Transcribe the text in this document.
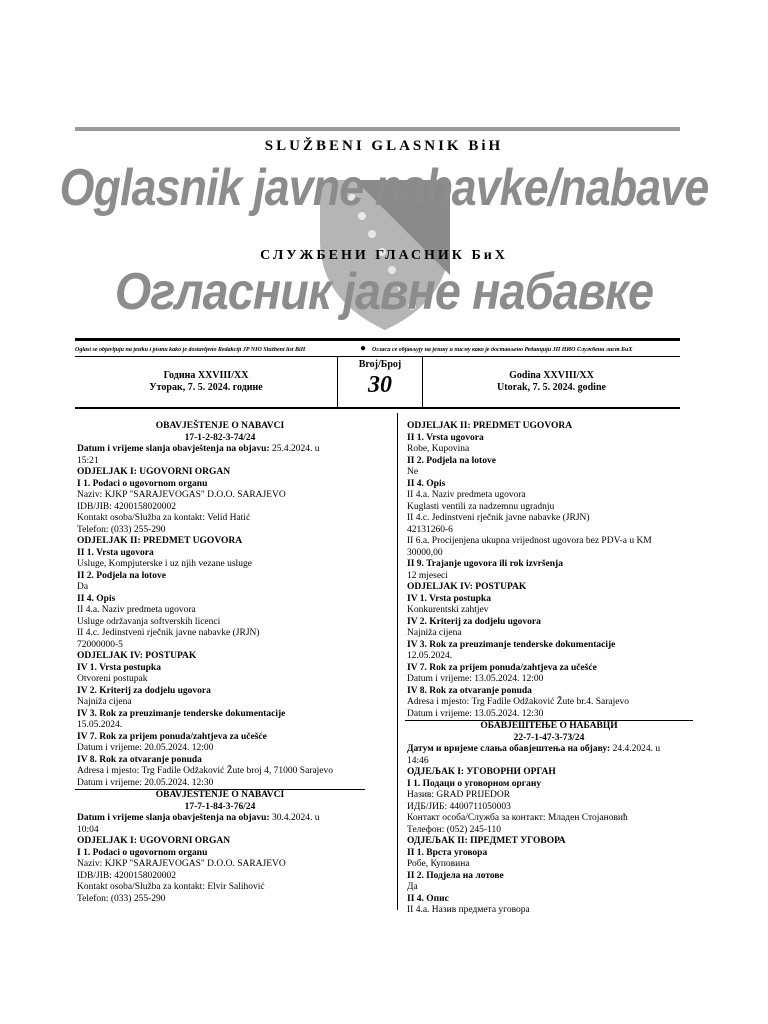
SLUŽBENI GLASNIK BiH
Oglasnik javne nabavke/nabave
СЛУЖБЕНИ ГЛАСНИК БиХ
Оглaсник јaвне нaбaвке
Oglasi se objavljuju na jeziku i pismu kako je dostavljeno Redakciji JP NIO Službeni list BiH	● Огласи се објављују на језику и писму како је достављено Редакцији ЈП НИО Службени лист БиХ
Година XXVIII/XX
Уторак, 7. 5. 2024. године
Broj/Број
30	Godina XXVIII/XX
Utorak, 7. 5. 2024. godine
OBAVJEŠTENJE O NABAVCI
17-1-2-82-3-74/24
Datum i vrijeme slanja obavještenja na objavu: 25.4.2024. u
15:21
ODJELJAK I: UGOVORNI ORGAN
I 1. Podaci o ugovornom organu
Naziv: KJKP "SARAJEVOGAS" D.O.O. SARAJEVO
IDB/JIB: 4200158020002
Kontakt osoba/Služba za kontakt: Velid Hatić
Telefon: (033) 255-290
ODJELJAK II: PREDMET UGOVORA
II 1. Vrsta ugovora
Usluge, Kompjuterske i uz njih vezane usluge
II 2. Podjela na lotove
Da
II 4. Opis
II 4.a. Naziv predmeta ugovora
Usluge održavanja softverskih licenci
II 4.c. Jedinstveni rječnik javne nabavke (JRJN)
72000000-5
ODJELJAK IV: POSTUPAK
IV 1. Vrsta postupka
Otvoreni postupak
IV 2. Kriterij za dodjelu ugovora
Najniža cijena
IV 3. Rok za preuzimanje tenderske dokumentacije
15.05.2024.
IV 7. Rok za prijem ponuda/zahtjeva za učešće
Datum i vrijeme: 20.05.2024. 12:00
IV 8. Rok za otvaranje ponuda
Adresa i mjesto: Trg Fadile Odžaković Žute broj 4, 71000 Sarajevo
Datum i vrijeme: 20.05.2024. 12:30
OBAVJEŠTENJE O NABAVCI
17-7-1-84-3-76/24
Datum i vrijeme slanja obavještenja na objavu: 30.4.2024. u
10:04
ODJELJAK I: UGOVORNI ORGAN
I 1. Podaci o ugovornom organu
Naziv: KJKP "SARAJEVOGAS" D.O.O. SARAJEVO
IDB/JIB: 4200158020002
Kontakt osoba/Služba za kontakt: Elvir Salihović
Telefon: (033) 255-290
ODJELJAK II: PREDMET UGOVORA
II 1. Vrsta ugovora
Robe, Kupovina
II 2. Podjela na lotove
Ne
II 4. Opis
II 4.a. Naziv predmeta ugovora
Kuglasti ventili za nadzemnu ugradnju
II 4.c. Jedinstveni rječnik javne nabavke (JRJN)
42131260-6
II 6.a. Procijenjena ukupna vrijednost ugovora bez PDV-a u KM
30000,00
II 9. Trajanje ugovora ili rok izvršenja
12 mjeseci
ODJELJAK IV: POSTUPAK
IV 1. Vrsta postupka
Konkurentski zahtjev
IV 2. Kriterij za dodjelu ugovora
Najniža cijena
IV 3. Rok za preuzimanje tenderske dokumentacije
12.05.2024.
IV 7. Rok za prijem ponuda/zahtjeva za učešće
Datum i vrijeme: 13.05.2024. 12:00
IV 8. Rok za otvaranje ponuda
Adresa i mjesto: Trg Fadile Odžaković Žute br.4. Sarajevo
Datum i vrijeme: 13.05.2024. 12:30
ОБАВЈЕШТЕЊЕ О НАБАВЦИ
22-7-1-47-3-73/24
Датум и вријеме слања обавјештења на објаву: 24.4.2024. u
14:46
ОДЈЕЉАК I: УГОВОРНИ ОРГАН
I 1. Подаци о уговорном органу
Назив: GRAD PRIJEDOR
ИДБ/ЈИБ: 4400711050003
Контакт особа/Служба за контакт: Младен Стојановић
Телефон: (052) 245-110
ОДЈЕЉАК II: ПРЕДМЕТ УГОВОРА
II 1. Врста уговора
Робе, Куповина
II 2. Подјела на лотове
Да
II 4. Опис
II 4.a. Назив предмета уговора
